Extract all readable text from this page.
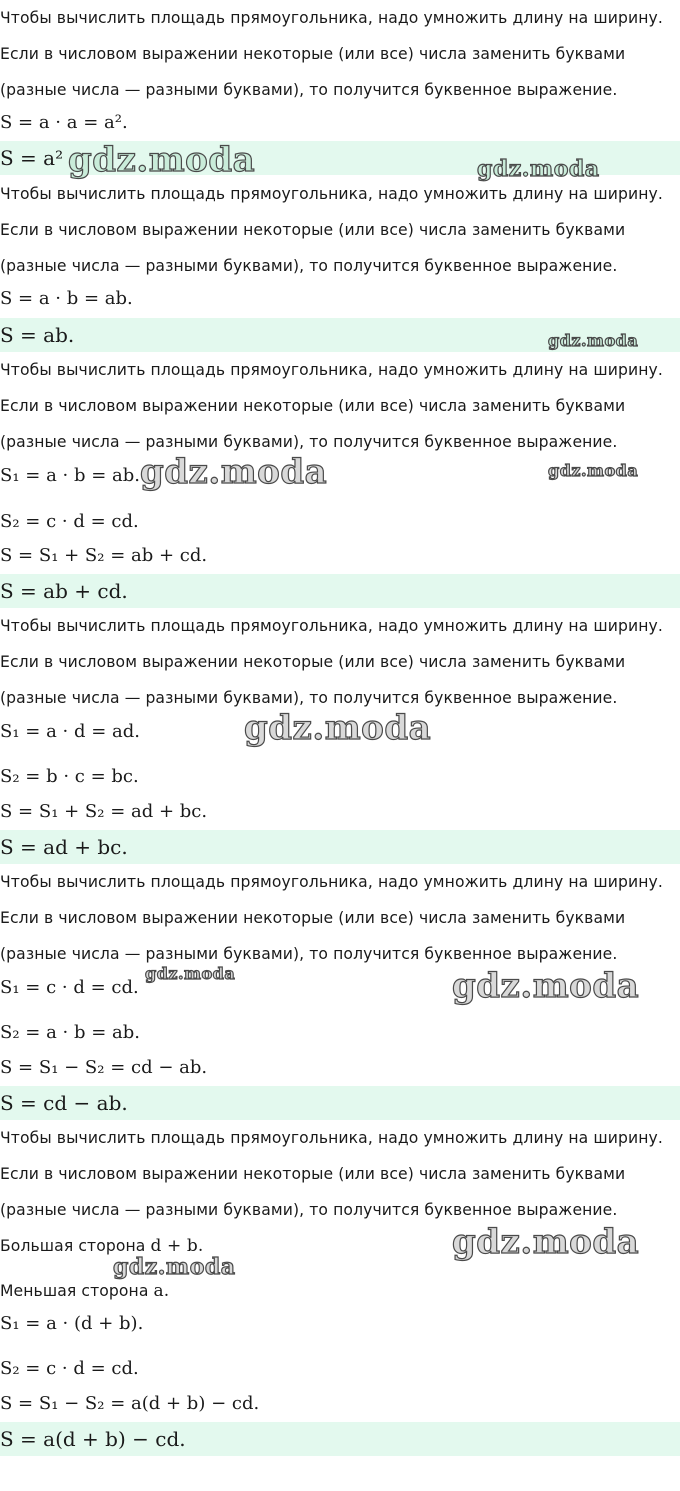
Чтобы вычислить площадь прямоугольника, надо умножить длину на ширину.
Если в числовом выражении некоторые (или все) числа заменить буквами
(разные числа — разными буквами), то получится буквенное выражение.
S = a · a = a².
S = a² gdz.moda	gdz.moda
Чтобы вычислить площадь прямоугольника, надо умножить длину на ширину.
Если в числовом выражении некоторые (или все) числа заменить буквами
(разные числа — разными буквами), то получится буквенное выражение.
S = a · b = ab.
S = ab.	gdz.moda
Чтобы вычислить площадь прямоугольника, надо умножить длину на ширину.
Если в числовом выражении некоторые (или все) числа заменить буквами
(разные числа — разными буквами), то получится буквенное выражение.
S₁ = a · b = ab. gdz.moda	gdz.moda
S₂ = c · d = cd.
S = S₁ + S₂ = ab + cd.
S = ab + cd.
Чтобы вычислить площадь прямоугольника, надо умножить длину на ширину.
Если в числовом выражении некоторые (или все) числа заменить буквами
(разные числа — разными буквами), то получится буквенное выражение.
S₁ = a · d = ad.	gdz.moda
S₂ = b · c = bc.
S = S₁ + S₂ = ad + bc.
S = ad + bc.
Чтобы вычислить площадь прямоугольника, надо умножить длину на ширину.
Если в числовом выражении некоторые (или все) числа заменить буквами
(разные числа — разными буквами), то получится буквенное выражение.
S₁ = c · d = cd.
gdz.moda	gdz.moda
S₂ = a · b = ab.
S = S₁ − S₂ = cd − ab.
S = cd − ab.
Чтобы вычислить площадь прямоугольника, надо умножить длину на ширину.
Если в числовом выражении некоторые (или все) числа заменить буквами
(разные числа — разными буквами), то получится буквенное выражение.
Большая сторона d + b.	gdz.moda
gdz.moda
Меньшая сторона a.
S₁ = a · (d + b).
S₂ = c · d = cd.
S = S₁ − S₂ = a(d + b) − cd.
S = a(d + b) − cd.
